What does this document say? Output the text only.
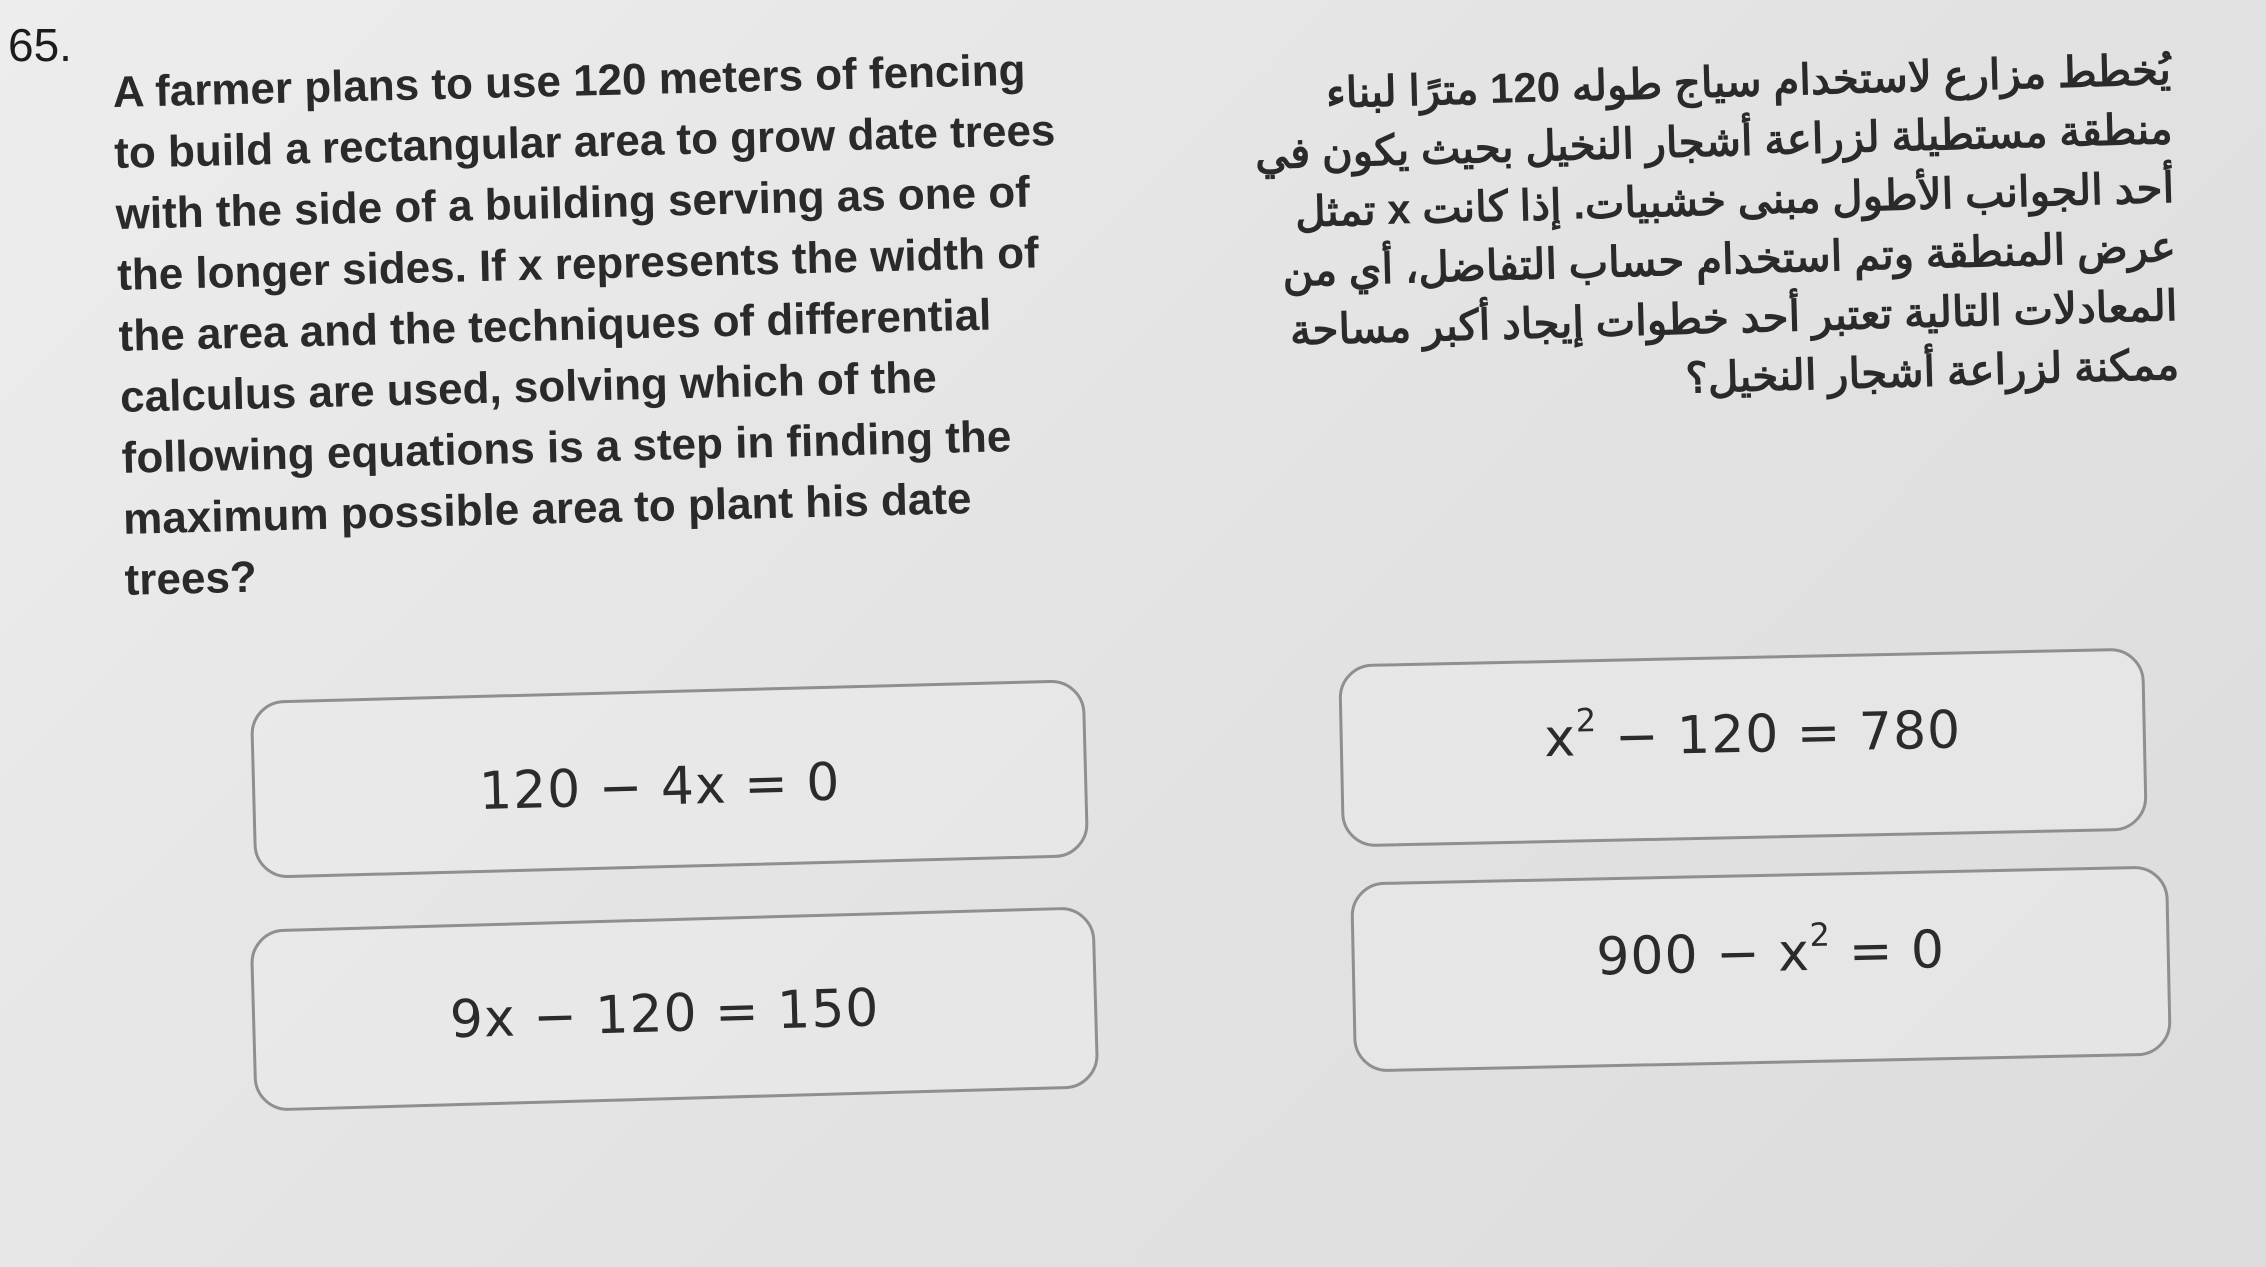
65.
A farmer plans to use 120 meters of fencing
to build a rectangular area to grow date trees
with the side of a building serving as one of
the longer sides. If x represents the width of
the area and the techniques of differential
calculus are used, solving which of the
following equations is a step in finding the
maximum possible area to plant his date
trees?
يُخطط مزارع لاستخدام سياج طوله 120 مترًا لبناء
منطقة مستطيلة لزراعة أشجار النخيل بحيث يكون في
أحد الجوانب الأطول مبنى خشبيات. إذا كانت x تمثل
عرض المنطقة وتم استخدام حساب التفاضل، أي من
المعادلات التالية تعتبر أحد خطوات إيجاد أكبر مساحة
ممكنة لزراعة أشجار النخيل؟
120 − 4x = 0
$x^2 - 120 = 780$
9x − 120 = 150
$900 - x^2 = 0$
